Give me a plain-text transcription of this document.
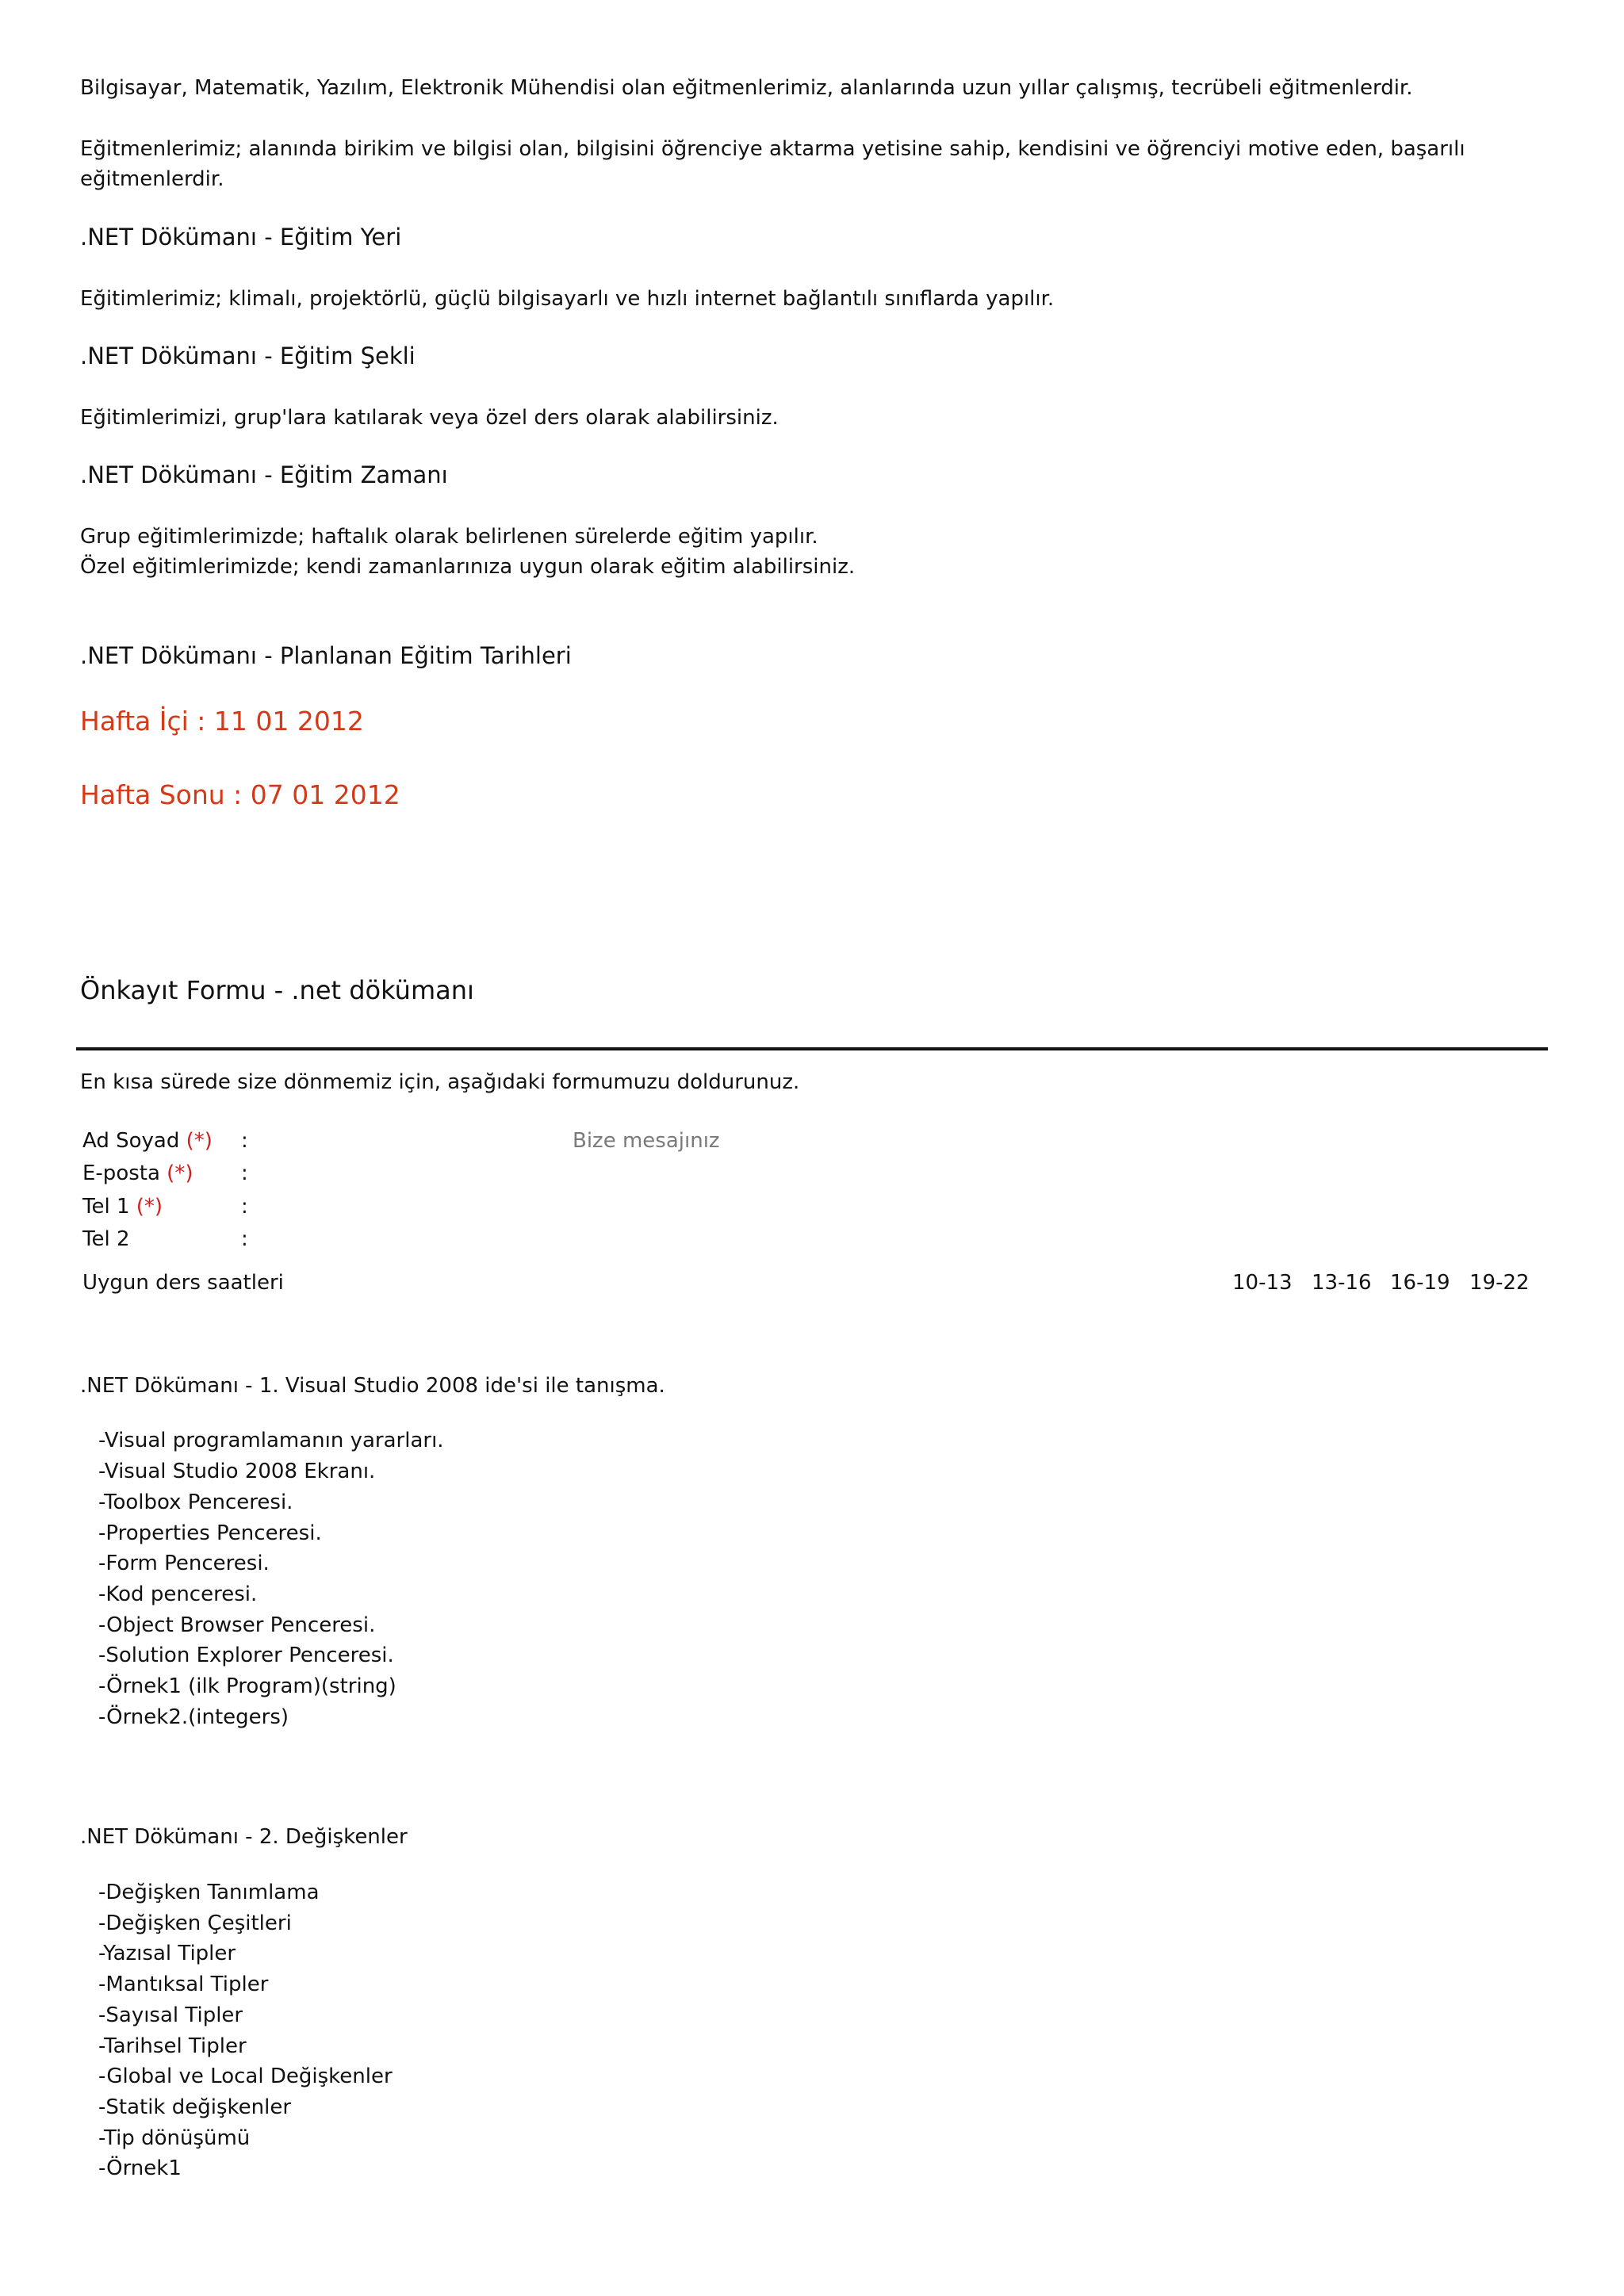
Bilgisayar, Matematik, Yazılım, Elektronik Mühendisi olan eğitmenlerimiz, alanlarında uzun yıllar çalışmış, tecrübeli eğitmenlerdir.
Eğitmenlerimiz; alanında birikim ve bilgisi olan, bilgisini öğrenciye aktarma yetisine sahip, kendisini ve öğrenciyi motive eden, başarılı
eğitmenlerdir.
.NET Dökümanı - Eğitim Yeri
Eğitimlerimiz; klimalı, projektörlü, güçlü bilgisayarlı ve hızlı internet bağlantılı sınıflarda yapılır.
.NET Dökümanı - Eğitim Şekli
Eğitimlerimizi, grup'lara katılarak veya özel ders olarak alabilirsiniz.
.NET Dökümanı - Eğitim Zamanı
Grup eğitimlerimizde; haftalık olarak belirlenen sürelerde eğitim yapılır.
Özel eğitimlerimizde; kendi zamanlarınıza uygun olarak eğitim alabilirsiniz.
.NET Dökümanı - Planlanan Eğitim Tarihleri
Hafta İçi : 11 01 2012
Hafta Sonu : 07 01 2012
Önkayıt Formu - .net dökümanı
En kısa sürede size dönmemiz için, aşağıdaki formumuzu doldurunuz.
Ad Soyad (*) :
E-posta (*) :
Tel 1 (*)	:
Tel 2	:
Bize mesajınız
Uygun ders saatleri	10-13 13-16 16-19 19-22
.NET Dökümanı - 1. Visual Studio 2008 ide'si ile tanışma.
-Visual programlamanın yararları.
-Visual Studio 2008 Ekranı.
-Toolbox Penceresi.
-Properties Penceresi.
-Form Penceresi.
-Kod penceresi.
-Object Browser Penceresi.
-Solution Explorer Penceresi.
-Örnek1 (ilk Program)(string)
-Örnek2.(integers)
.NET Dökümanı - 2. Değişkenler
-Değişken Tanımlama
-Değişken Çeşitleri
-Yazısal Tipler
-Mantıksal Tipler
-Sayısal Tipler
-Tarihsel Tipler
-Global ve Local Değişkenler
-Statik değişkenler
-Tip dönüşümü
-Örnek1
